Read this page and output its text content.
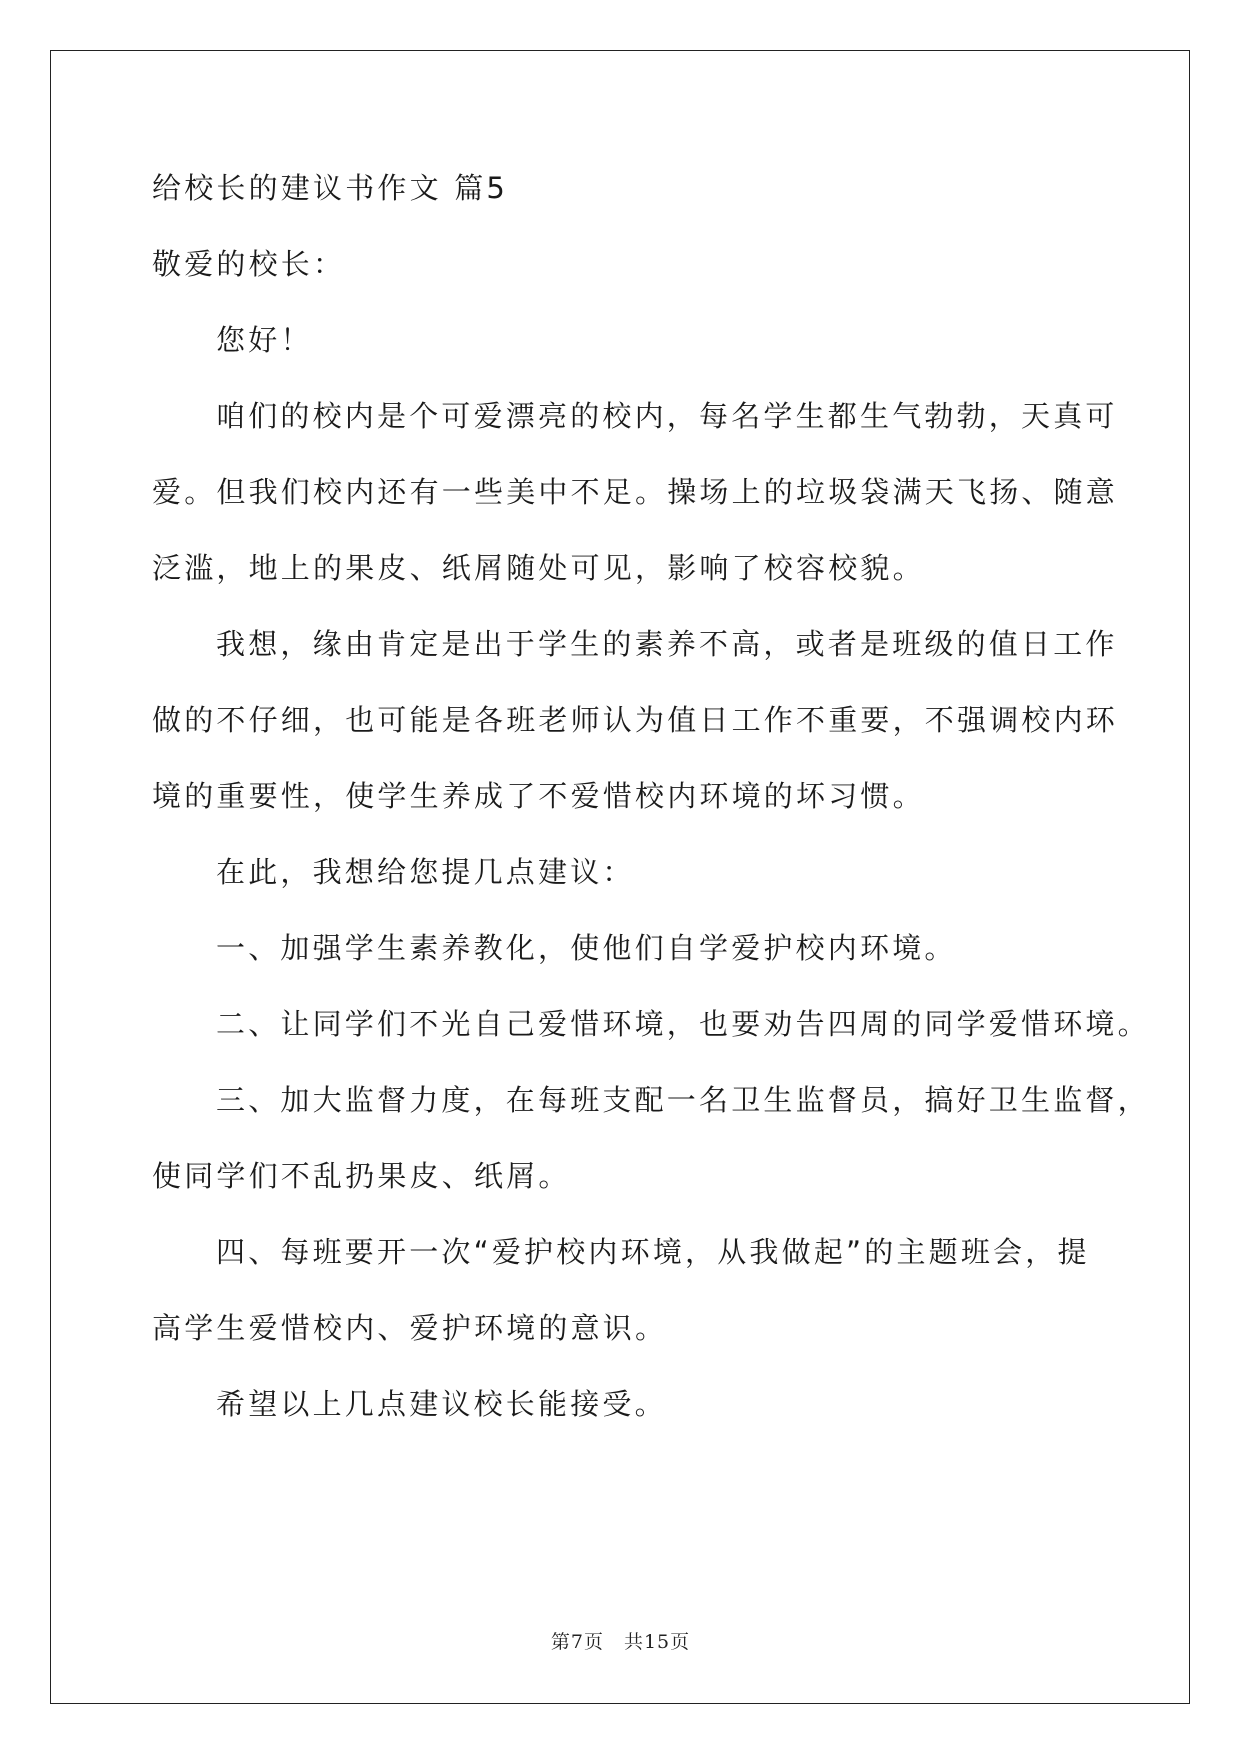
给校长的建议书作文 篇5
敬爱的校长：
您好！
咱们的校内是个可爱漂亮的校内，每名学生都生气勃勃，天真可
爱。但我们校内还有一些美中不足。操场上的垃圾袋满天飞扬、随意
泛滥，地上的果皮、纸屑随处可见，影响了校容校貌。
我想，缘由肯定是出于学生的素养不高，或者是班级的值日工作
做的不仔细，也可能是各班老师认为值日工作不重要，不强调校内环
境的重要性，使学生养成了不爱惜校内环境的坏习惯。
在此，我想给您提几点建议：
一、加强学生素养教化，使他们自学爱护校内环境。
二、让同学们不光自己爱惜环境，也要劝告四周的同学爱惜环境。
三、加大监督力度，在每班支配一名卫生监督员，搞好卫生监督，
使同学们不乱扔果皮、纸屑。
四、每班要开一次“爱护校内环境，从我做起”的主题班会，提
高学生爱惜校内、爱护环境的意识。
希望以上几点建议校长能接受。
第7页　共15页
